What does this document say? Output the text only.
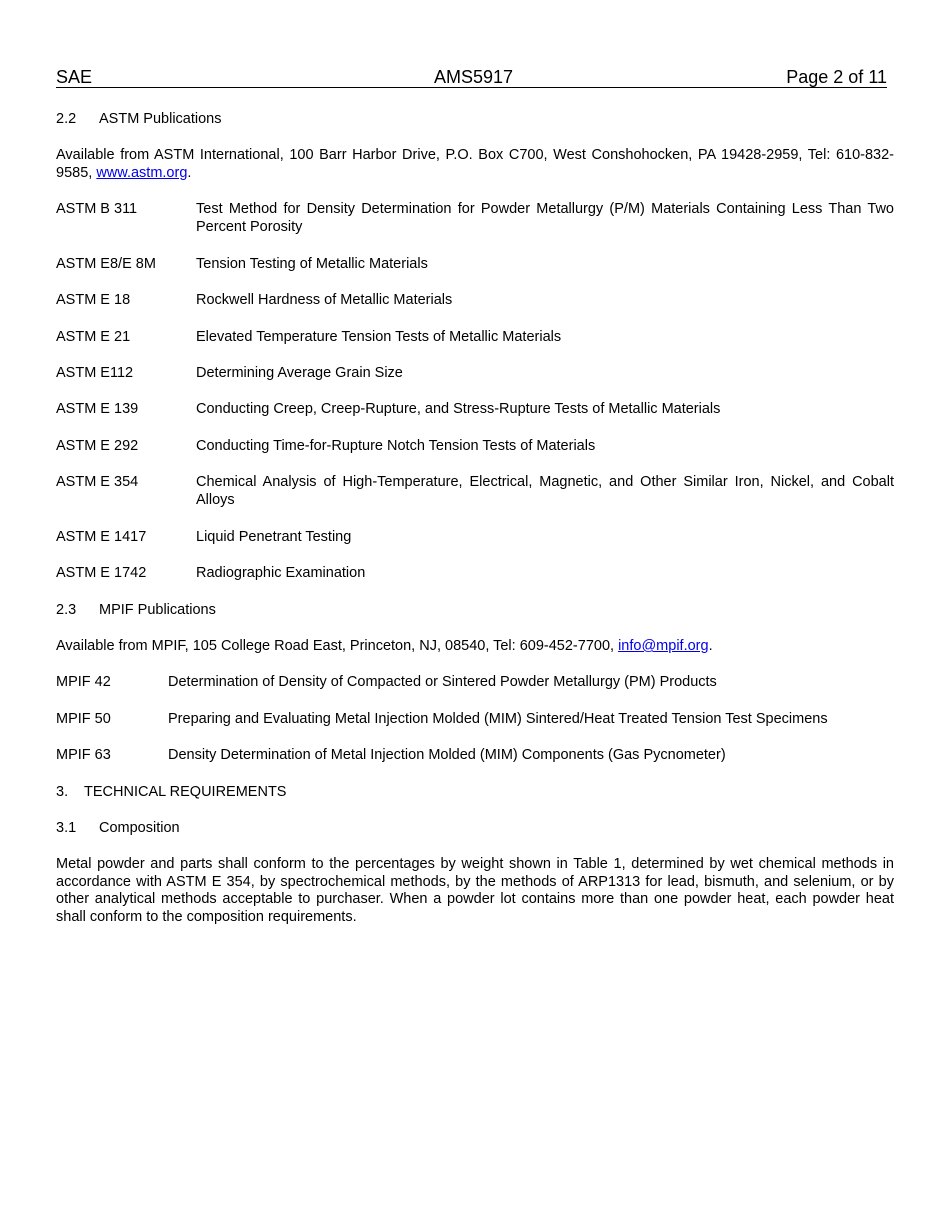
SAE	AMS5917	Page 2 of 11
2.2 ASTM Publications
Available from ASTM International, 100 Barr Harbor Drive, P.O. Box C700, West Conshohocken, PA 19428-2959, Tel: 610-832-9585, www.astm.org.
ASTM B 311	Test Method for Density Determination for Powder Metallurgy (P/M) Materials Containing Less Than Two Percent Porosity
ASTM E8/E 8M	Tension Testing of Metallic Materials
ASTM E 18	Rockwell Hardness of Metallic Materials
ASTM E 21	Elevated Temperature Tension Tests of Metallic Materials
ASTM E112	Determining Average Grain Size
ASTM E 139	Conducting Creep, Creep-Rupture, and Stress-Rupture Tests of Metallic Materials
ASTM E 292	Conducting Time-for-Rupture Notch Tension Tests of Materials
ASTM E 354	Chemical Analysis of High-Temperature, Electrical, Magnetic, and Other Similar Iron, Nickel, and Cobalt Alloys
ASTM E 1417	Liquid Penetrant Testing
ASTM E 1742	Radiographic Examination
2.3 MPIF Publications
Available from MPIF, 105 College Road East, Princeton, NJ, 08540, Tel: 609-452-7700, info@mpif.org.
MPIF 42	Determination of Density of Compacted or Sintered Powder Metallurgy (PM) Products
MPIF 50	Preparing and Evaluating Metal Injection Molded (MIM) Sintered/Heat Treated Tension Test Specimens
MPIF 63	Density Determination of Metal Injection Molded (MIM) Components (Gas Pycnometer)
3. TECHNICAL REQUIREMENTS
3.1 Composition
Metal powder and parts shall conform to the percentages by weight shown in Table 1, determined by wet chemical methods in accordance with ASTM E 354, by spectrochemical methods, by the methods of ARP1313 for lead, bismuth, and selenium, or by other analytical methods acceptable to purchaser. When a powder lot contains more than one powder heat, each powder heat shall conform to the composition requirements.
